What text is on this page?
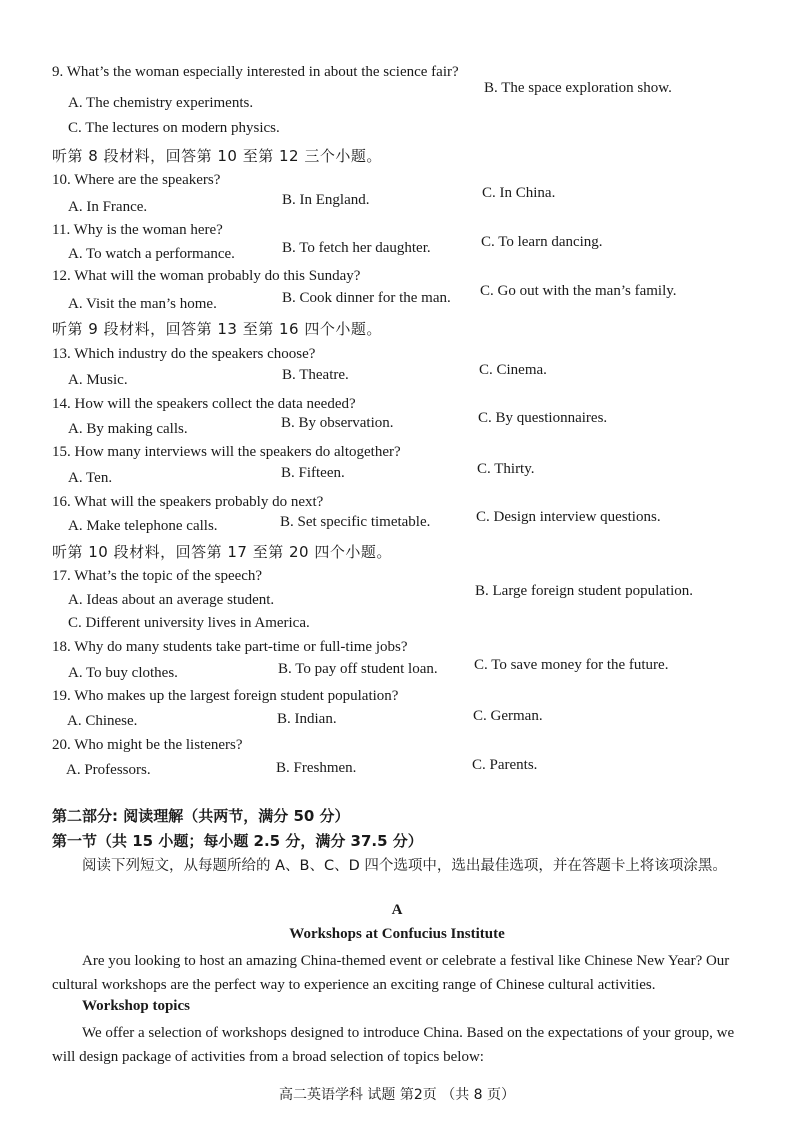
9. What’s the woman especially interested in about the science fair?
B. The space exploration show.
A. The chemistry experiments.
C. The lectures on modern physics.
听第 8 段材料，回答第 10 至第 12 三个小题。
10. Where are the speakers?
A. In France.	B. In England.	C. In China.
11. Why is the woman here?
A. To watch a performance.	B. To fetch her daughter.	C. To learn dancing.
12. What will the woman probably do this Sunday?
A. Visit the man’s home.	B. Cook dinner for the man. C. Go out with the man’s family.
听第 9 段材料，回答第 13 至第 16 四个小题。
13. Which industry do the speakers choose?
A. Music.	B. Theatre.	C. Cinema.
14. How will the speakers collect the data needed?
A. By making calls.	B. By observation.	C. By questionnaires.
15. How many interviews will the speakers do altogether?
A. Ten.	B. Fifteen.	C. Thirty.
16. What will the speakers probably do next?
A. Make telephone calls.	B. Set specific timetable.	C. Design interview questions.
听第 10 段材料，回答第 17 至第 20 四个小题。
17. What’s the topic of the speech?
A. Ideas about an average student.
B. Large foreign student population.
C. Different university lives in America.
18. Why do many students take part-time or full-time jobs?
A. To buy clothes.	B. To pay off student loan. C. To save money for the future.
19. Who makes up the largest foreign student population?
A. Chinese.	B. Indian.	C. German.
20. Who might be the listeners?
A. Professors.	B. Freshmen.	C. Parents.
第二部分: 阅读理解（共两节，满分 50 分）
第一节（共 15 小题；每小题 2.5 分，满分 37.5 分）
阅读下列短文，从每题所给的 A、B、C、D 四个选项中，选出最佳选项，并在答题卡上将该项涂黑。
A
Workshops at Confucius Institute
Are you looking to host an amazing China-themed event or celebrate a festival like Chinese New Year? Our cultural workshops are the perfect way to experience an exciting range of Chinese cultural activities.
Workshop topics
We offer a selection of workshops designed to introduce China. Based on the expectations of your group, we will design package of activities from a broad selection of topics below:
高二英语学科 试题 第2页 （共 8 页）
